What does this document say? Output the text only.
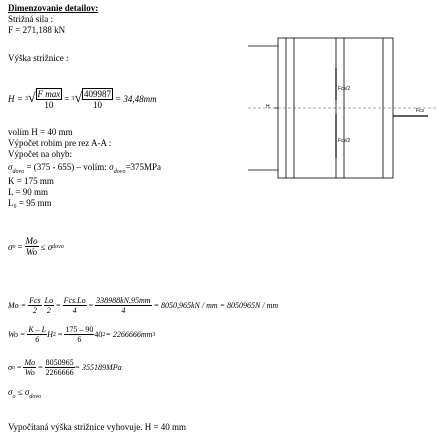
Dimenzovanie detailov:
Strižná sila :
F = 271,188 kN
Výška strižnice :
H = 3 √ $\frac{\text{F max}}{10} = 3$ √ $\frac{409987}{10} = 34,48mm$
volím H = 40 mm
Výpočet robím pre rez A-A :
Výpočet na ohyb:
$\sigma_{dovo} = (375 - 655)$ – volím: $\sigma_{dovo}=375MPa$
K = 175 mm
L = 90 mm
L₀ = 95 mm
σ $o = \frac{Mo}{Wo} \le \sigma$ dovo
$Mo = \frac{\text{Fcs}}{2} \frac{Lo}{2} = \frac{\text{Fcs.Lo}}{4} = \frac{338988kN.95mm}{4} = 8050,965kN$ / mm = 8050965N / mm
$Wo = \frac{K - L}{6}$ H $2 = \frac{175 - 90}{6} 40$ 2 = 2266666mm 3
σ $o = \frac{Mo}{Wo} = \frac{8050965}{2266666} = 355189MPa$
$\sigma_o \le \sigma_{dovo}$
Vypočítaná výška strižnice vyhovuje. H = 40 mm
H
Fcs/2
Fcs/2
Fcs
